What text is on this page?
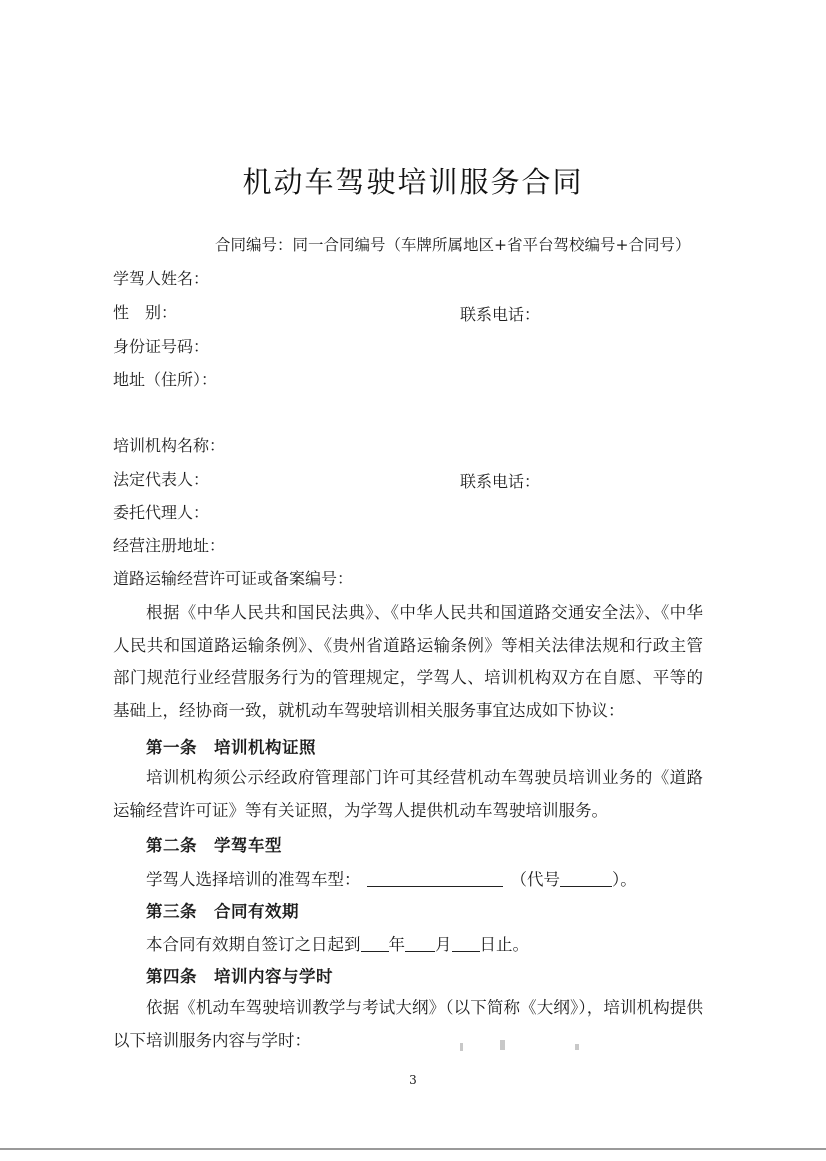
机动车驾驶培训服务合同
合同编号：同一合同编号（车牌所属地区+省平台驾校编号+合同号）
学驾人姓名：
性　别：	联系电话：
身份证号码：
地址（住所）：
培训机构名称：
法定代表人：	联系电话：
委托代理人：
经营注册地址：
道路运输经营许可证或备案编号：

根据《中华人民共和国民法典》、《中华人民共和国道路交通安全法》、《中华人民共和国道路运输条例》、《贵州省道路运输条例》等相关法律法规和行政主管部门规范行业经营服务行为的管理规定，学驾人、培训机构双方在自愿、平等的基础上，经协商一致，就机动车驾驶培训相关服务事宜达成如下协议：

第一条　培训机构证照

培训机构须公示经政府管理部门许可其经营机动车驾驶员培训业务的《道路运输经营许可证》等有关证照，为学驾人提供机动车驾驶培训服务。

第二条　学驾车型
学驾人选择培训的准驾车型：	（代号	）。
第三条　合同有效期
本合同有效期自签订之日起到 年 月 日止。
第四条　培训内容与学时

依据《机动车驾驶培训教学与考试大纲》（以下简称《大纲》），培训机构提供以下培训服务内容与学时：

3
